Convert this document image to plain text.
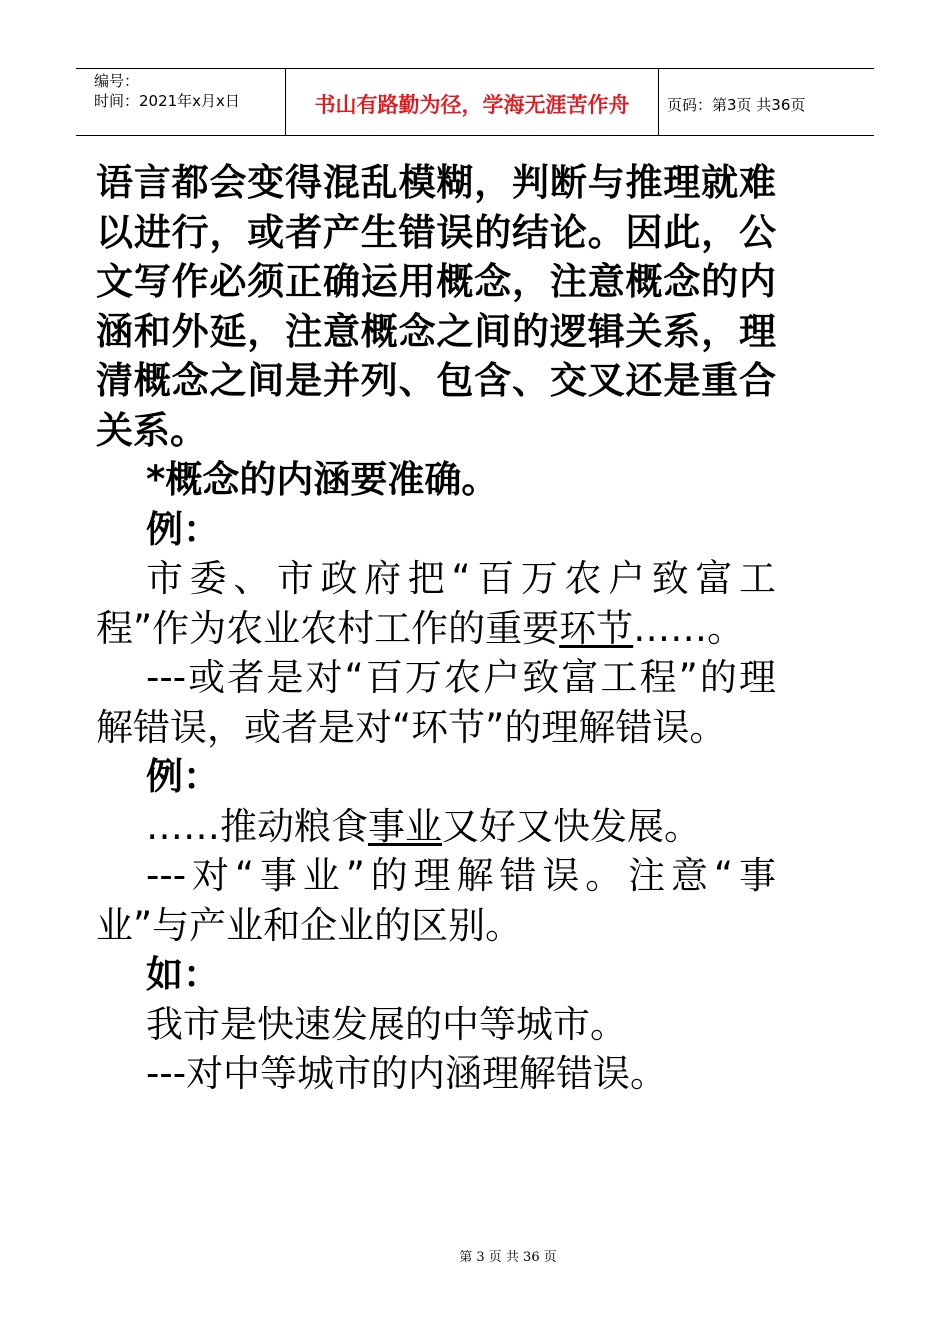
编号：
时间：2021年x月x日	书山有路勤为径，学海无涯苦作舟	页码：第3页 共36页

语言都会变得混乱模糊，判断与推理就难以进行，或者产生错误的结论。因此，公文写作必须正确运用概念，注意概念的内涵和外延，注意概念之间的逻辑关系，理清概念之间是并列、包含、交叉还是重合关系。

*概念的内涵要准确。

例：

市委、市政府把“百万农户致富工程”作为农业农村工作的重要环节……。

---或者是对“百万农户致富工程”的理解错误，或者是对“环节”的理解错误。

例：

……推动粮食事业又好又快发展。

---对“事业”的理解错误。注意“事业”与产业和企业的区别。

如：

我市是快速发展的中等城市。

---对中等城市的内涵理解错误。

第 3 页 共 36 页
